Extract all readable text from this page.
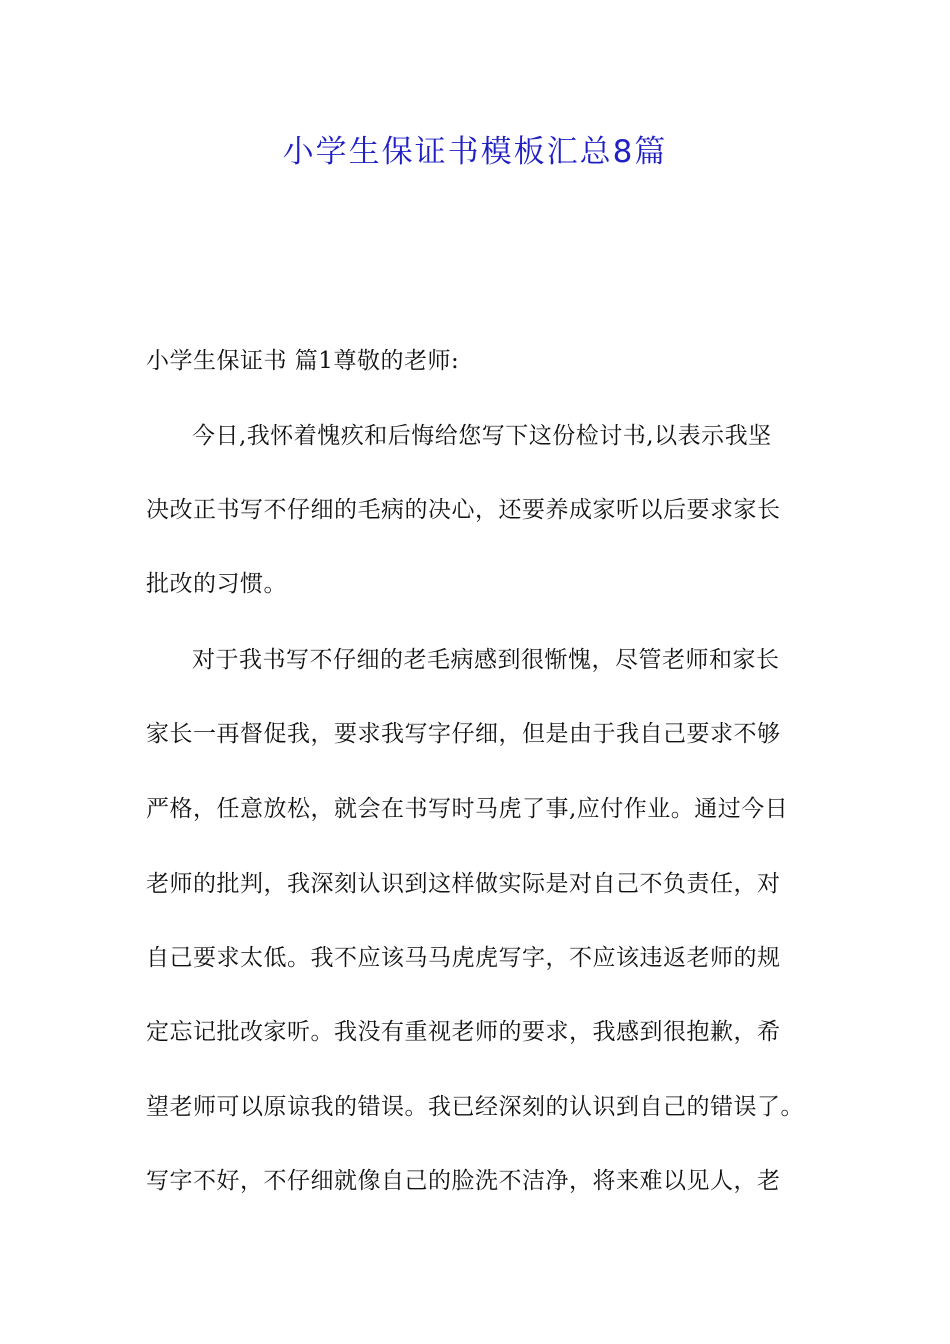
小学生保证书模板汇总8篇
小学生保证书 篇1尊敬的老师:
今日,我怀着愧疚和后悔给您写下这份检讨书,以表示我坚
决改正书写不仔细的毛病的决心，还要养成家听以后要求家长
批改的习惯。
对于我书写不仔细的老毛病感到很惭愧，尽管老师和家长
家长一再督促我，要求我写字仔细，但是由于我自己要求不够
严格，任意放松，就会在书写时马虎了事,应付作业。通过今日
老师的批判，我深刻认识到这样做实际是对自己不负责任，对
自己要求太低。我不应该马马虎虎写字，不应该违返老师的规
定忘记批改家听。我没有重视老师的要求，我感到很抱歉，希
望老师可以原谅我的错误。我已经深刻的认识到自己的错误了。
写字不好，不仔细就像自己的脸洗不洁净，将来难以见人，老
